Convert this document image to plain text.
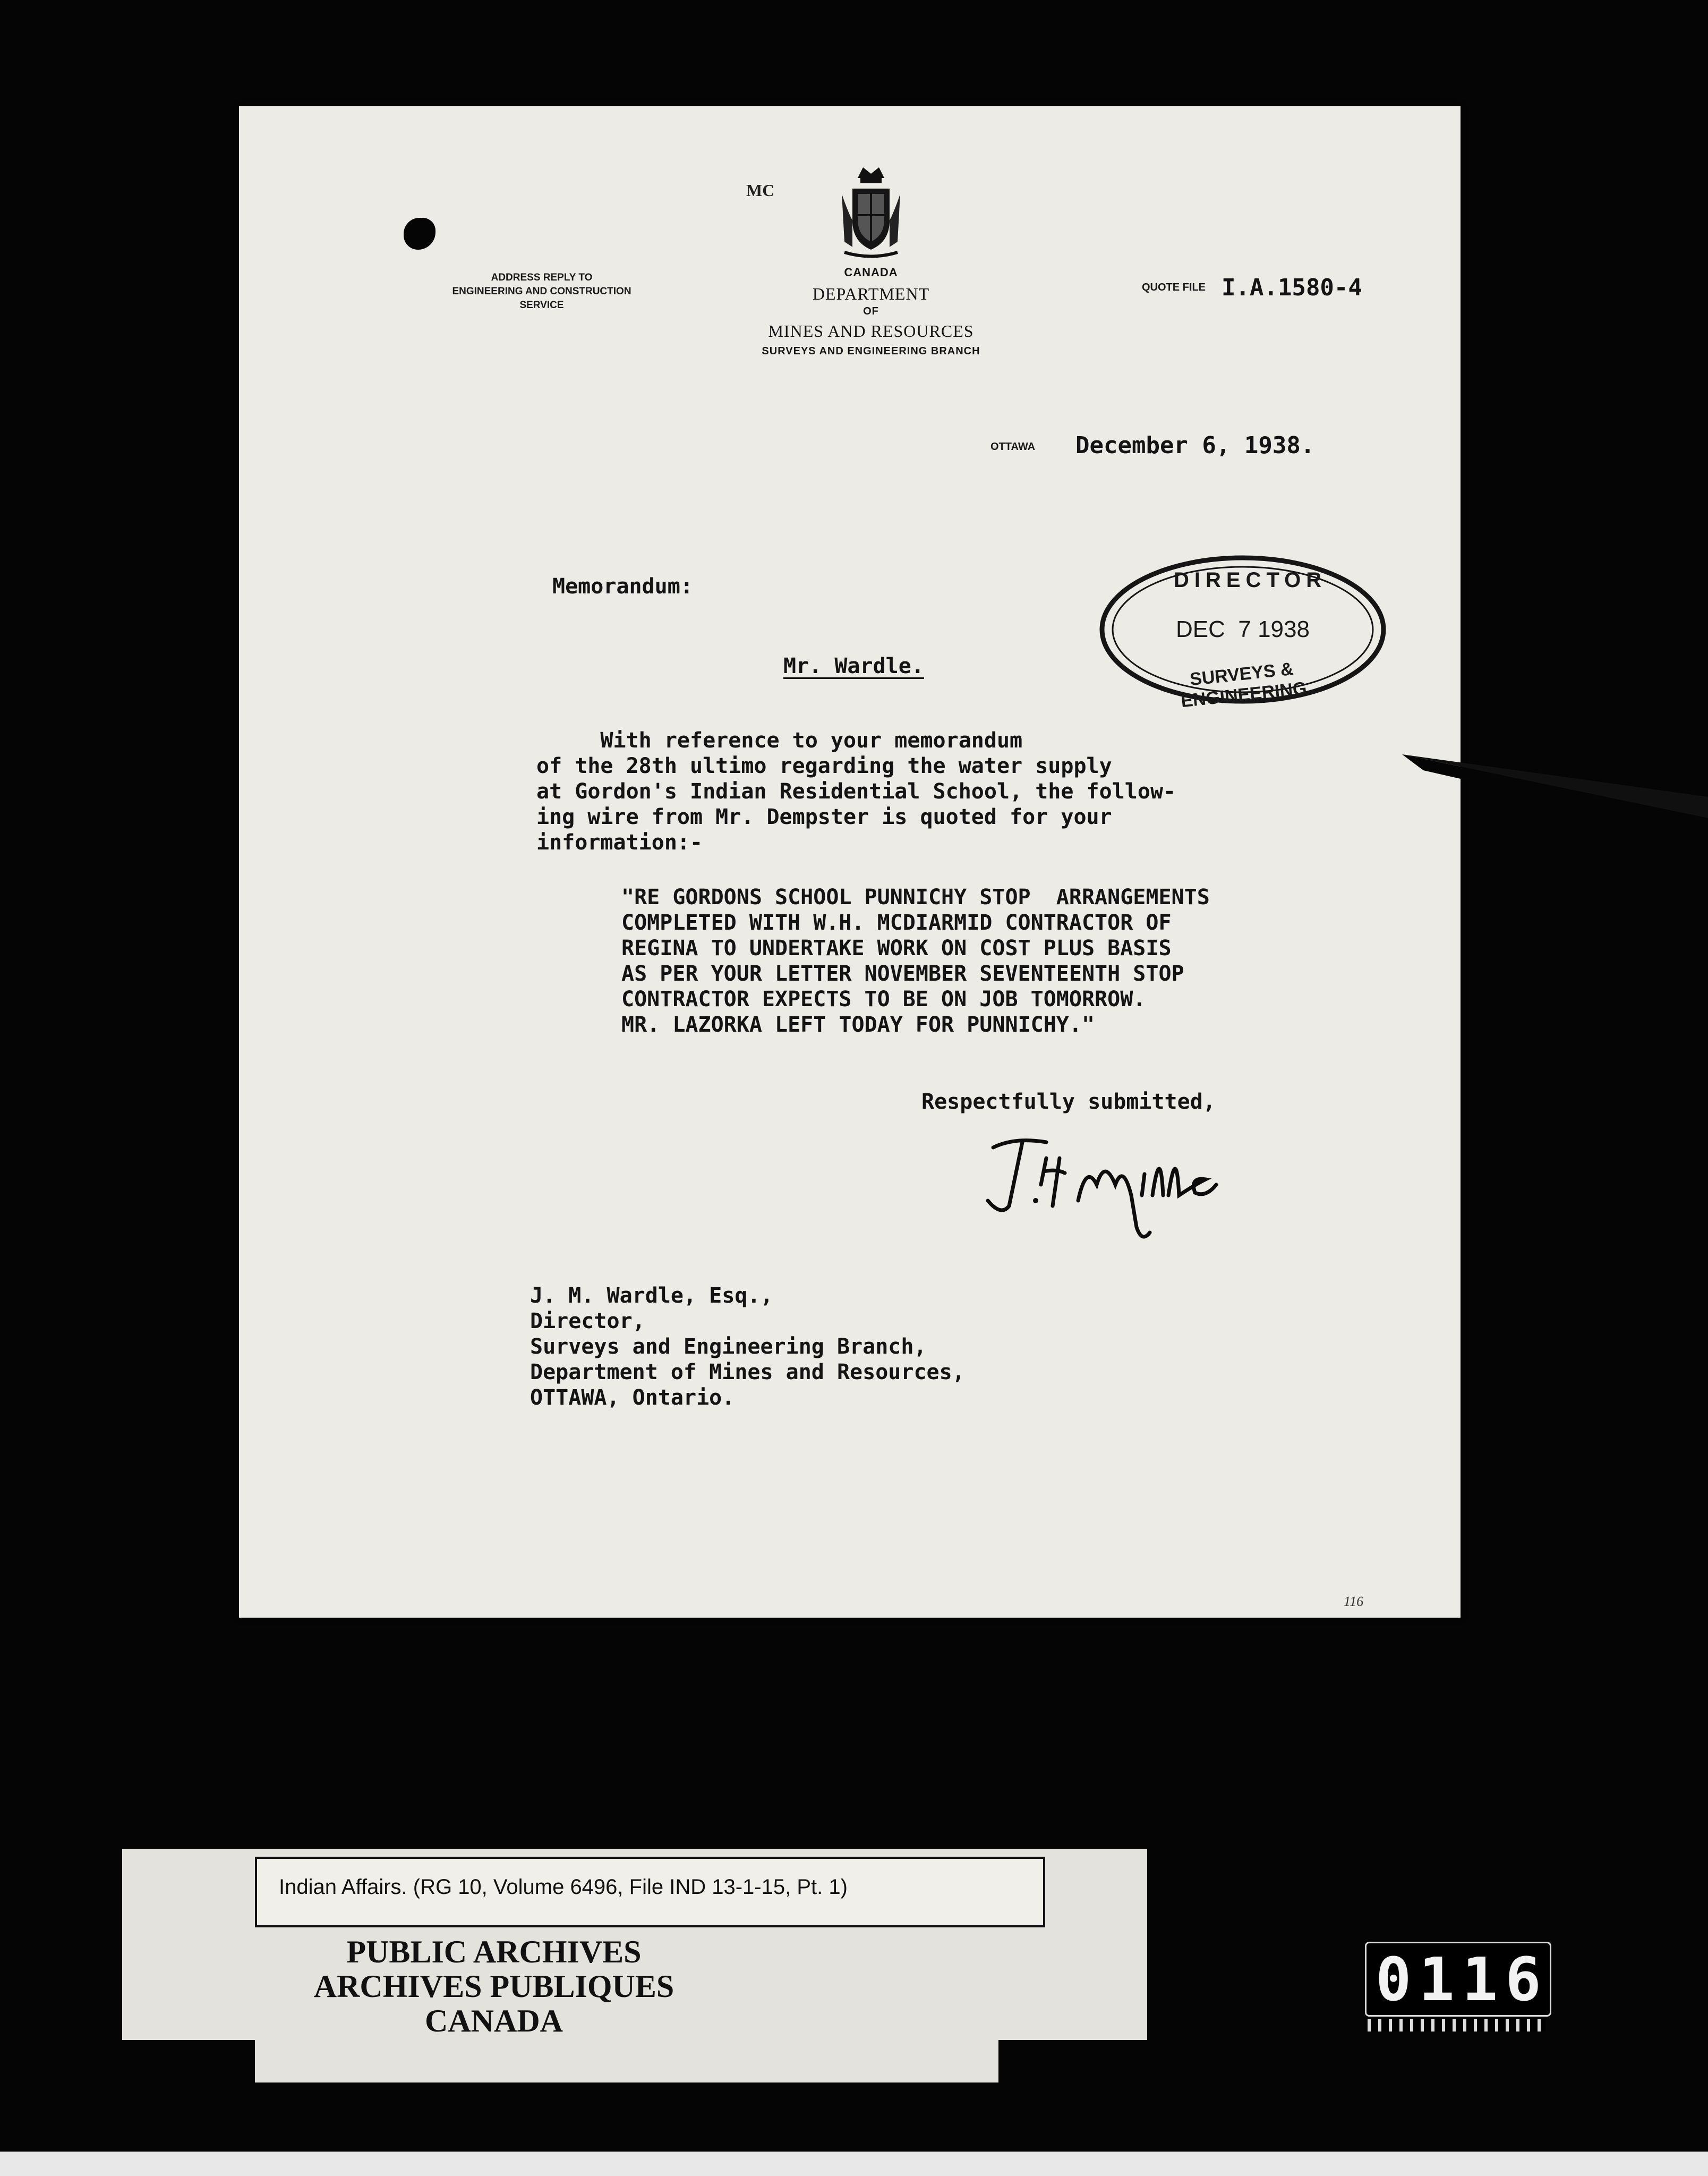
MC
CANADA
DEPARTMENT
OF
MINES AND RESOURCES
SURVEYS AND ENGINEERING BRANCH
ADDRESS REPLY TO
ENGINEERING AND CONSTRUCTION
SERVICE
QUOTE FILE I.A.1580-4
OTTAWA December 6, 1938.
Memorandum:
Mr. Wardle.
With reference to your memorandum
of the 28th ultimo regarding the water supply
at Gordon's Indian Residential School, the follow-
ing wire from Mr. Dempster is quoted for your
information:-
"RE GORDONS SCHOOL PUNNICHY STOP  ARRANGEMENTS
COMPLETED WITH W.H. MCDIARMID CONTRACTOR OF
REGINA TO UNDERTAKE WORK ON COST PLUS BASIS
AS PER YOUR LETTER NOVEMBER SEVENTEENTH STOP
CONTRACTOR EXPECTS TO BE ON JOB TOMORROW.
MR. LAZORKA LEFT TODAY FOR PUNNICHY."
Respectfully submitted,
J. M. Wardle, Esq.,
Director,
Surveys and Engineering Branch,
Department of Mines and Resources,
OTTAWA, Ontario.
116
DIRECTOR
DEC  7 1938
SURVEYS & ENGINEERING
Indian Affairs. (RG 10, Volume 6496, File IND 13-1-15, Pt. 1)
PUBLIC ARCHIVES
ARCHIVES PUBLIQUES
CANADA
0116
